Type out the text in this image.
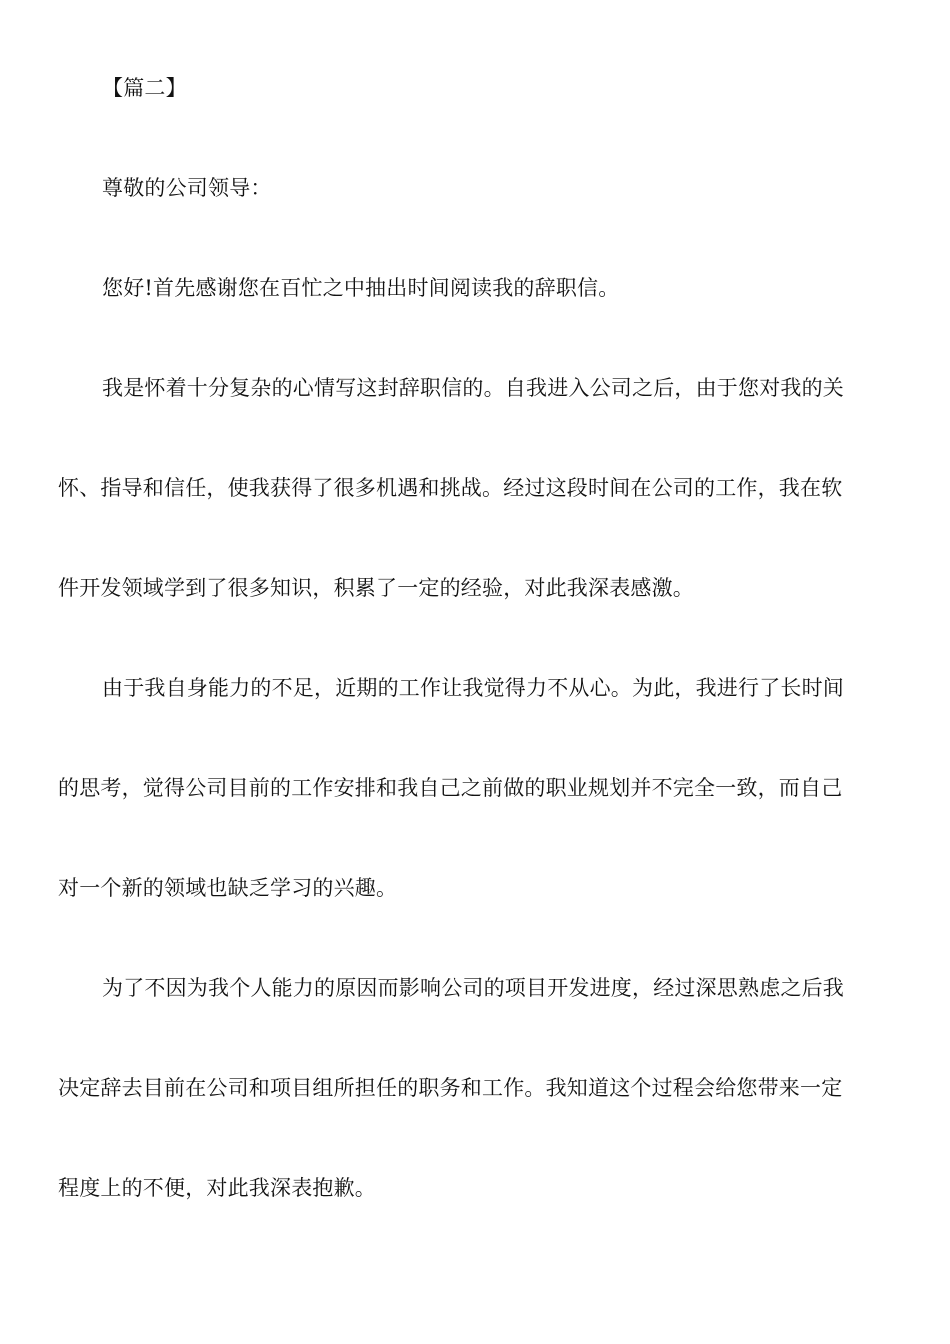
【篇二】
尊敬的公司领导：
您好!首先感谢您在百忙之中抽出时间阅读我的辞职信。
我是怀着十分复杂的心情写这封辞职信的。自我进入公司之后，由于您对我的关
怀、指导和信任，使我获得了很多机遇和挑战。经过这段时间在公司的工作，我在软
件开发领域学到了很多知识，积累了一定的经验，对此我深表感激。
由于我自身能力的不足，近期的工作让我觉得力不从心。为此，我进行了长时间
的思考，觉得公司目前的工作安排和我自己之前做的职业规划并不完全一致，而自己
对一个新的领域也缺乏学习的兴趣。
为了不因为我个人能力的原因而影响公司的项目开发进度，经过深思熟虑之后我
决定辞去目前在公司和项目组所担任的职务和工作。我知道这个过程会给您带来一定
程度上的不便，对此我深表抱歉。
